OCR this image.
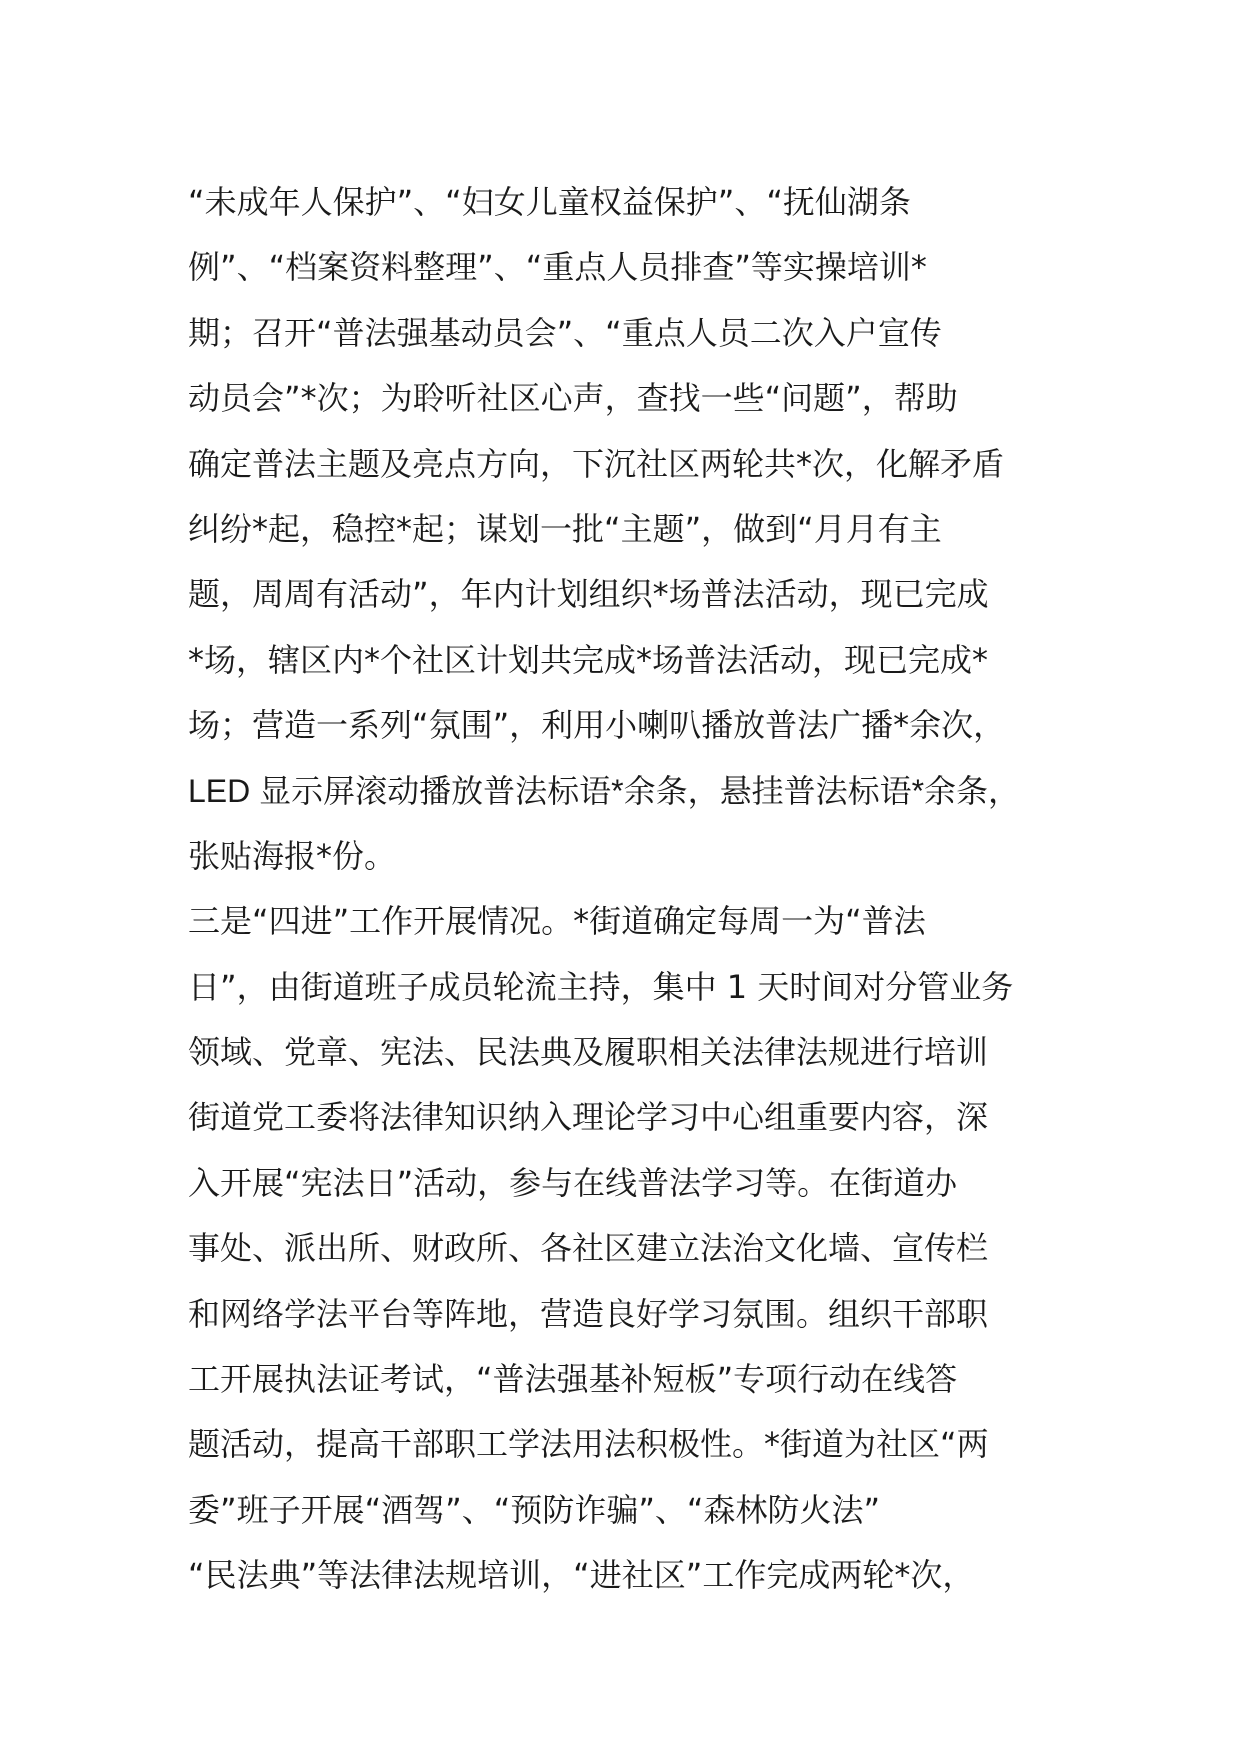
“未成年人保护”、“妇女儿童权益保护”、“抚仙湖条
例”、“档案资料整理”、“重点人员排查”等实操培训*
期；召开“普法强基动员会”、“重点人员二次入户宣传
动员会”*次；为聆听社区心声，查找一些“问题”，帮助
确定普法主题及亮点方向，下沉社区两轮共*次，化解矛盾
纠纷*起，稳控*起；谋划一批“主题”，做到“月月有主
题，周周有活动”，年内计划组织*场普法活动，现已完成
*场，辖区内*个社区计划共完成*场普法活动，现已完成*
场；营造一系列“氛围”，利用小喇叭播放普法广播*余次，
LED 显示屏滚动播放普法标语*余条，悬挂普法标语*余条，
张贴海报*份。
三是“四进”工作开展情况。*街道确定每周一为“普法
日”，由街道班子成员轮流主持，集中 1 天时间对分管业务
领域、党章、宪法、民法典及履职相关法律法规进行培训
街道党工委将法律知识纳入理论学习中心组重要内容，深
入开展“宪法日”活动，参与在线普法学习等。在街道办
事处、派出所、财政所、各社区建立法治文化墙、宣传栏
和网络学法平台等阵地，营造良好学习氛围。组织干部职
工开展执法证考试，“普法强基补短板”专项行动在线答
题活动，提高干部职工学法用法积极性。*街道为社区“两
委”班子开展“酒驾”、“预防诈骗”、“森林防火法”
“民法典”等法律法规培训，“进社区”工作完成两轮*次，
